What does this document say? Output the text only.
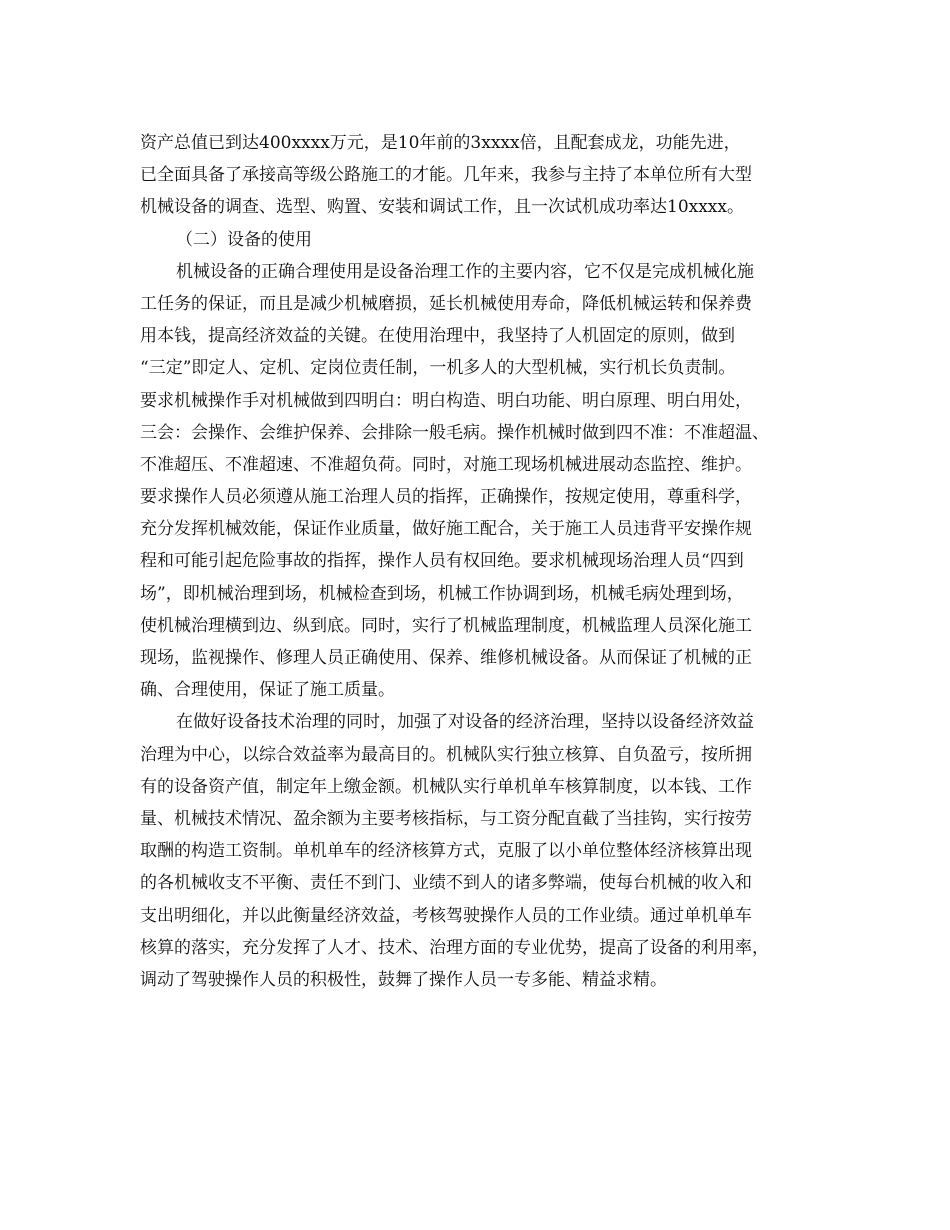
资产总值已到达400xxxx万元，是10年前的3xxxx倍，且配套成龙，功能先进，
已全面具备了承接高等级公路施工的才能。几年来，我参与主持了本单位所有大型
机械设备的调查、选型、购置、安装和调试工作，且一次试机成功率达10xxxx。
（二）设备的使用
机械设备的正确合理使用是设备治理工作的主要内容，它不仅是完成机械化施
工任务的保证，而且是减少机械磨损，延长机械使用寿命，降低机械运转和保养费
用本钱，提高经济效益的关键。在使用治理中，我坚持了人机固定的原则，做到
“三定”即定人、定机、定岗位责任制，一机多人的大型机械，实行机长负责制。
要求机械操作手对机械做到四明白：明白构造、明白功能、明白原理、明白用处，
三会：会操作、会维护保养、会排除一般毛病。操作机械时做到四不准：不准超温、
不准超压、不准超速、不准超负荷。同时，对施工现场机械进展动态监控、维护。
要求操作人员必须遵从施工治理人员的指挥，正确操作，按规定使用，尊重科学，
充分发挥机械效能，保证作业质量，做好施工配合，关于施工人员违背平安操作规
程和可能引起危险事故的指挥，操作人员有权回绝。要求机械现场治理人员“四到
场”，即机械治理到场，机械检查到场，机械工作协调到场，机械毛病处理到场，
使机械治理横到边、纵到底。同时，实行了机械监理制度，机械监理人员深化施工
现场，监视操作、修理人员正确使用、保养、维修机械设备。从而保证了机械的正
确、合理使用，保证了施工质量。
在做好设备技术治理的同时，加强了对设备的经济治理，坚持以设备经济效益
治理为中心，以综合效益率为最高目的。机械队实行独立核算、自负盈亏，按所拥
有的设备资产值，制定年上缴金额。机械队实行单机单车核算制度，以本钱、工作
量、机械技术情况、盈余额为主要考核指标，与工资分配直截了当挂钩，实行按劳
取酬的构造工资制。单机单车的经济核算方式，克服了以小单位整体经济核算出现
的各机械收支不平衡、责任不到门、业绩不到人的诸多弊端，使每台机械的收入和
支出明细化，并以此衡量经济效益，考核驾驶操作人员的工作业绩。通过单机单车
核算的落实，充分发挥了人才、技术、治理方面的专业优势，提高了设备的利用率，
调动了驾驶操作人员的积极性，鼓舞了操作人员一专多能、精益求精。
